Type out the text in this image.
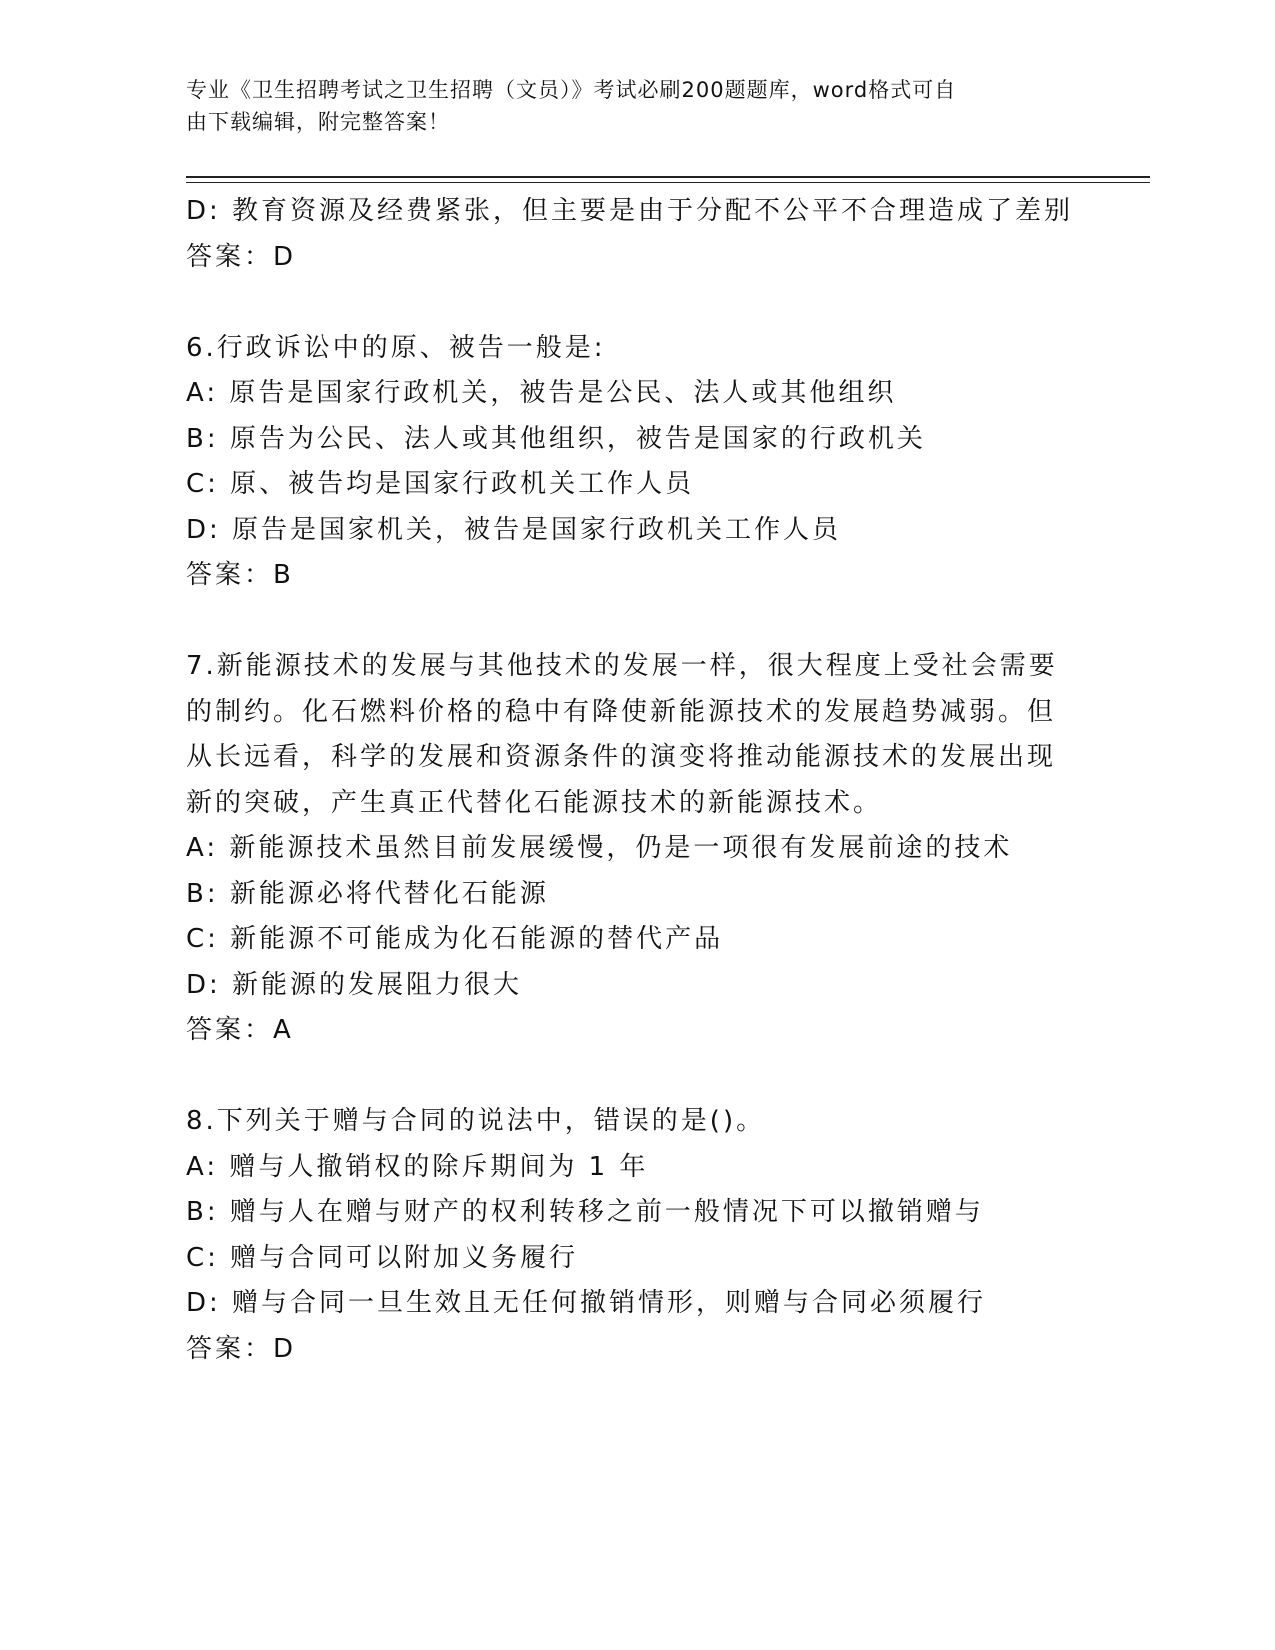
专业《卫生招聘考试之卫生招聘（文员）》考试必刷200题题库，word格式可自
由下载编辑，附完整答案！
D: 教育资源及经费紧张，但主要是由于分配不公平不合理造成了差别
答案：D
6.行政诉讼中的原、被告一般是:
A: 原告是国家行政机关，被告是公民、法人或其他组织
B: 原告为公民、法人或其他组织，被告是国家的行政机关
C: 原、被告均是国家行政机关工作人员
D: 原告是国家机关，被告是国家行政机关工作人员
答案：B
7.新能源技术的发展与其他技术的发展一样，很大程度上受社会需要
的制约。化石燃料价格的稳中有降使新能源技术的发展趋势减弱。但
从长远看，科学的发展和资源条件的演变将推动能源技术的发展出现
新的突破，产生真正代替化石能源技术的新能源技术。
A: 新能源技术虽然目前发展缓慢，仍是一项很有发展前途的技术
B: 新能源必将代替化石能源
C: 新能源不可能成为化石能源的替代产品
D: 新能源的发展阻力很大
答案：A
8.下列关于赠与合同的说法中，错误的是()。
A: 赠与人撤销权的除斥期间为 1 年
B: 赠与人在赠与财产的权利转移之前一般情况下可以撤销赠与
C: 赠与合同可以附加义务履行
D: 赠与合同一旦生效且无任何撤销情形，则赠与合同必须履行
答案：D
